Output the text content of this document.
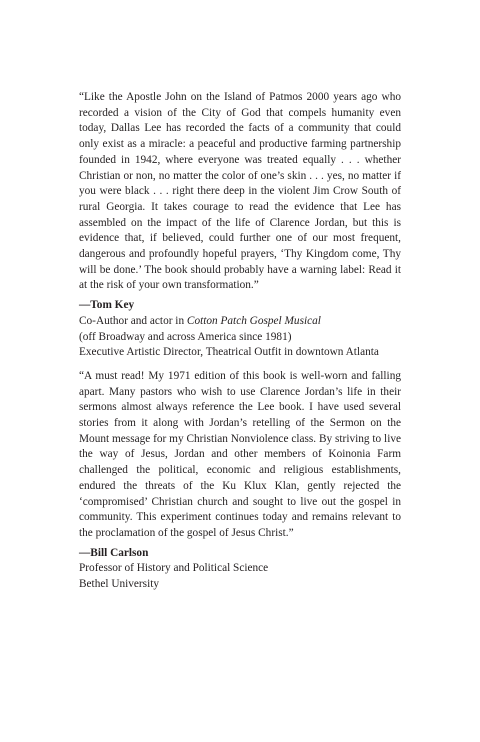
“Like the Apostle John on the Island of Patmos 2000 years ago who recorded a vision of the City of God that compels humanity even today, Dallas Lee has recorded the facts of a community that could only exist as a miracle: a peaceful and productive farming partnership founded in 1942, where everyone was treated equally . . . whether Christian or non, no matter the color of one’s skin . . . yes, no matter if you were black . . . right there deep in the violent Jim Crow South of rural Georgia. It takes courage to read the evidence that Lee has assembled on the impact of the life of Clarence Jordan, but this is evidence that, if believed, could further one of our most frequent, dangerous and profoundly hopeful prayers, ‘Thy Kingdom come, Thy will be done.’ The book should probably have a warning label: Read it at the risk of your own transformation.”

—Tom Key

Co-Author and actor in Cotton Patch Gospel Musical

(off Broadway and across America since 1981)

Executive Artistic Director, Theatrical Outfit in downtown Atlanta

“A must read! My 1971 edition of this book is well-worn and falling apart. Many pastors who wish to use Clarence Jordan’s life in their sermons almost always reference the Lee book. I have used several stories from it along with Jordan’s retelling of the Sermon on the Mount message for my Christian Nonviolence class. By striving to live the way of Jesus, Jordan and other members of Koinonia Farm challenged the political, economic and religious establishments, endured the threats of the Ku Klux Klan, gently rejected the ‘compromised’ Christian church and sought to live out the gospel in community. This experiment continues today and remains relevant to the proclamation of the gospel of Jesus Christ.”

—Bill Carlson

Professor of History and Political Science

Bethel University
